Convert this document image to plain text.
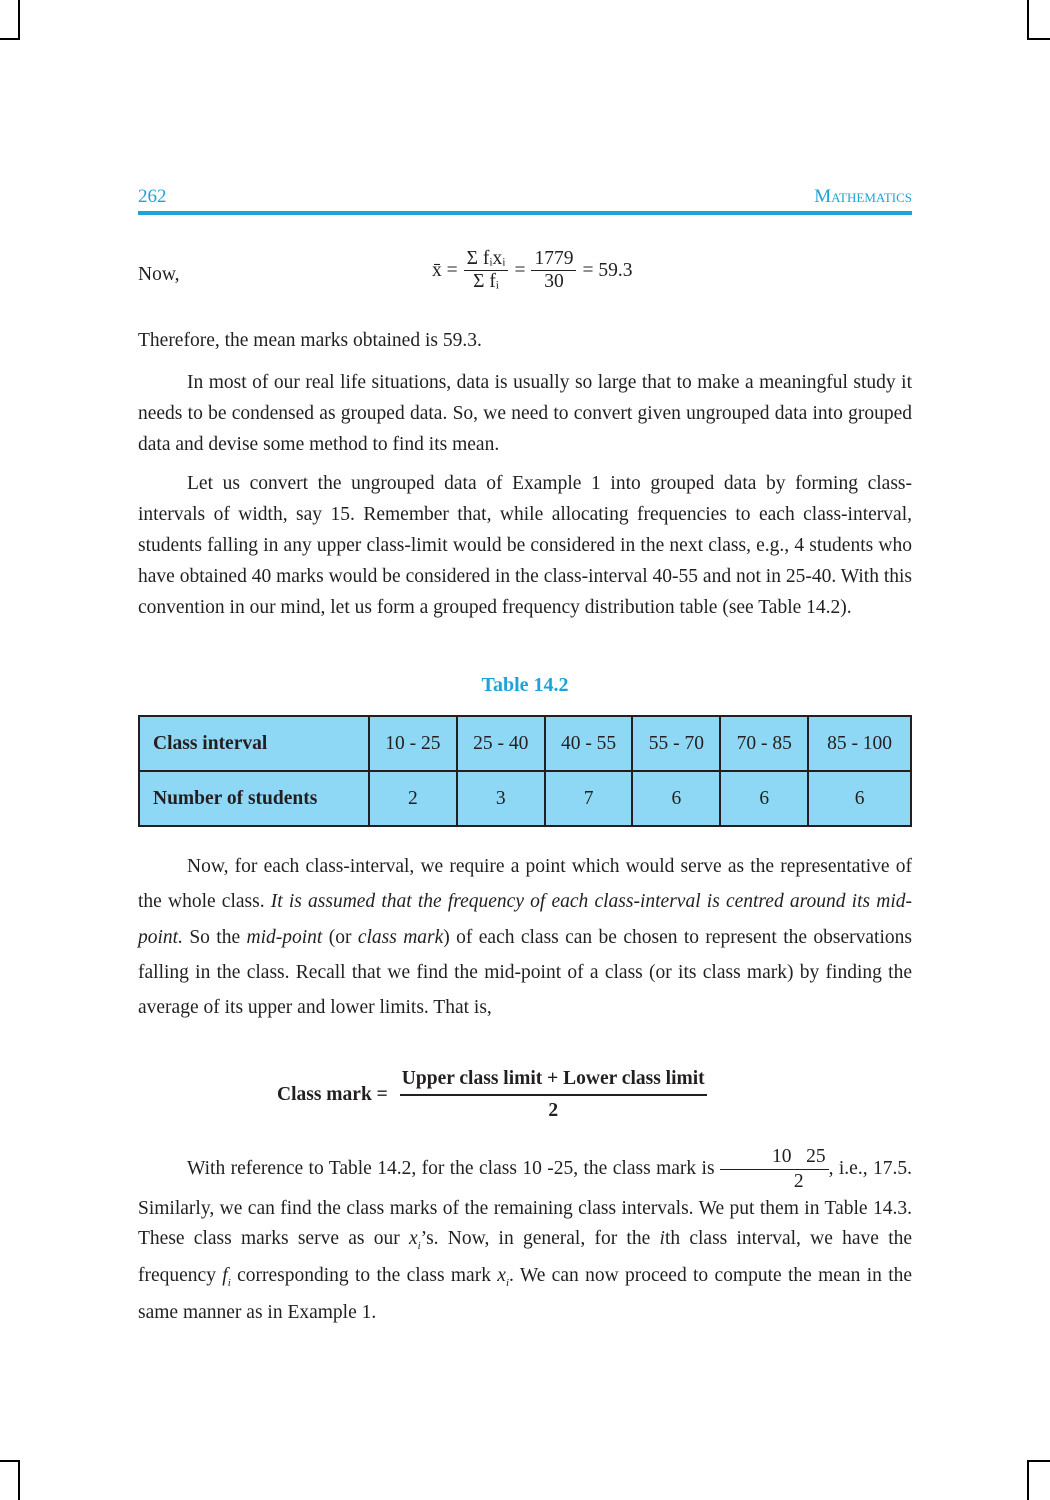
262	Mathematics
Now,	x̄ = $\frac{\text{Σ fᵢxᵢ}}{\text{Σ fᵢ}} = \frac{1779}{30} = 59.3$
Therefore, the mean marks obtained is 59.3.
In most of our real life situations, data is usually so large that to make a meaningful study it needs to be condensed as grouped data. So, we need to convert given ungrouped data into grouped data and devise some method to find its mean.
Let us convert the ungrouped data of Example 1 into grouped data by forming class-intervals of width, say 15. Remember that, while allocating frequencies to each class-interval, students falling in any upper class-limit would be considered in the next class, e.g., 4 students who have obtained 40 marks would be considered in the class-interval 40-55 and not in 25-40. With this convention in our mind, let us form a grouped frequency distribution table (see Table 14.2).
Table 14.2
Class interval	10 - 25	25 - 40	40 - 55	55 - 70	70 - 85	85 - 100
Number of students	2	3	7	6	6	6
Now, for each class-interval, we require a point which would serve as the representative of the whole class. It is assumed that the frequency of each class-interval is centred around its mid-point. So the mid-point (or class mark) of each class can be chosen to represent the observations falling in the class. Recall that we find the mid-point of a class (or its class mark) by finding the average of its upper and lower limits. That is,
Class mark = $\frac{\text{Upper class limit + Lower class limit}}{2}$
With reference to Table 14.2, for the class 10 -25, the class mark is $\frac{10 25}{2}$ , i.e., 17.5. Similarly, we can find the class marks of the remaining class intervals. We put them in Table 14.3. These class marks serve as our $x_i’s$. Now, in general, for the ith class interval, we have the frequency $f_i$ corresponding to the class mark $x_i$. We can now proceed to compute the mean in the same manner as in Example 1.
